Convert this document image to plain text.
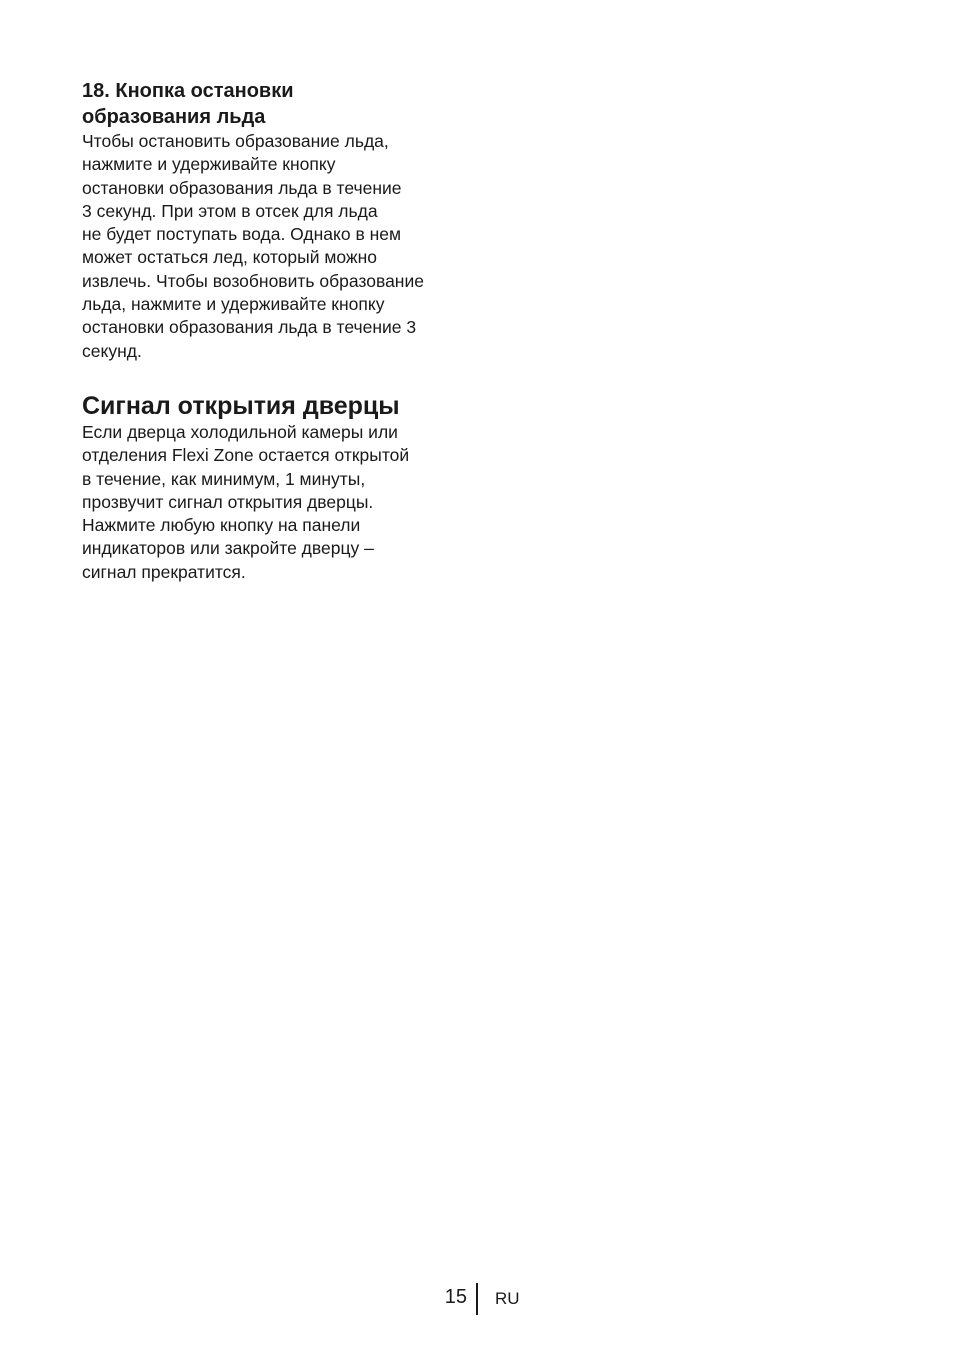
18. Кнопка остановки
образования льда

Чтобы остановить образование льда,
нажмите и удерживайте кнопку
остановки образования льда в течение
3 секунд. При этом в отсек для льда
не будет поступать вода. Однако в нем
может остаться лед, который можно
извлечь. Чтобы возобновить образование
льда, нажмите и удерживайте кнопку
остановки образования льда в течение 3
секунд.

Сигнал открытия дверцы

Если дверца холодильной камеры или
отделения Flexi Zone остается открытой
в течение, как минимум, 1 минуты,
прозвучит сигнал открытия дверцы.
Нажмите любую кнопку на панели
индикаторов или закройте дверцу –
сигнал прекратится.

15 RU
